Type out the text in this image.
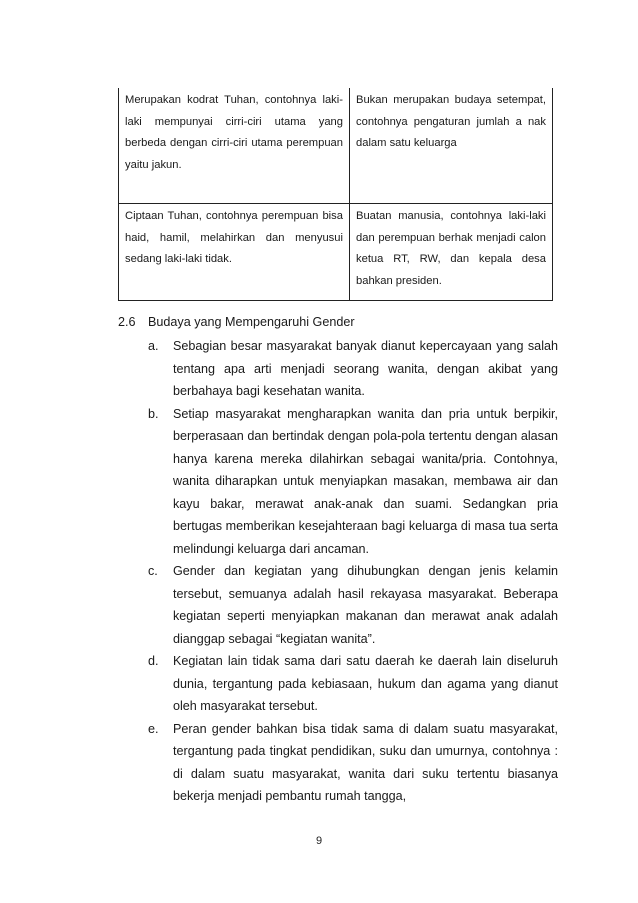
Merupakan kodrat Tuhan, contohnya laki-laki mempunyai cirri-ciri utama yang berbeda dengan cirri-ciri utama perempuan yaitu jakun.	Bukan merupakan budaya setempat, contohnya pengaturan jumlah a nak dalam satu keluarga
Ciptaan Tuhan, contohnya perempuan bisa haid, hamil, melahirkan dan menyusui sedang laki-laki tidak.	Buatan manusia, contohnya laki-laki dan perempuan berhak menjadi calon ketua RT, RW, dan kepala desa bahkan presiden.
2.6 Budaya yang Mempengaruhi Gender
a.	Sebagian besar masyarakat banyak dianut kepercayaan yang salah tentang apa arti menjadi seorang wanita, dengan akibat yang berbahaya bagi kesehatan wanita.
b.	Setiap masyarakat mengharapkan wanita dan pria untuk berpikir, berperasaan dan bertindak dengan pola-pola tertentu dengan alasan hanya karena mereka dilahirkan sebagai wanita/pria. Contohnya, wanita diharapkan untuk menyiapkan masakan, membawa air dan kayu bakar, merawat anak-anak dan suami. Sedangkan pria bertugas memberikan kesejahteraan bagi keluarga di masa tua serta melindungi keluarga dari ancaman.
c.	Gender dan kegiatan yang dihubungkan dengan jenis kelamin tersebut, semuanya adalah hasil rekayasa masyarakat. Beberapa kegiatan seperti menyiapkan makanan dan merawat anak adalah dianggap sebagai “kegiatan wanita”.
d.	Kegiatan lain tidak sama dari satu daerah ke daerah lain diseluruh dunia, tergantung pada kebiasaan, hukum dan agama yang dianut oleh masyarakat tersebut.
e.	Peran gender bahkan bisa tidak sama di dalam suatu masyarakat, tergantung pada tingkat pendidikan, suku dan umurnya, contohnya : di dalam suatu masyarakat, wanita dari suku tertentu biasanya bekerja menjadi pembantu rumah tangga,
9
